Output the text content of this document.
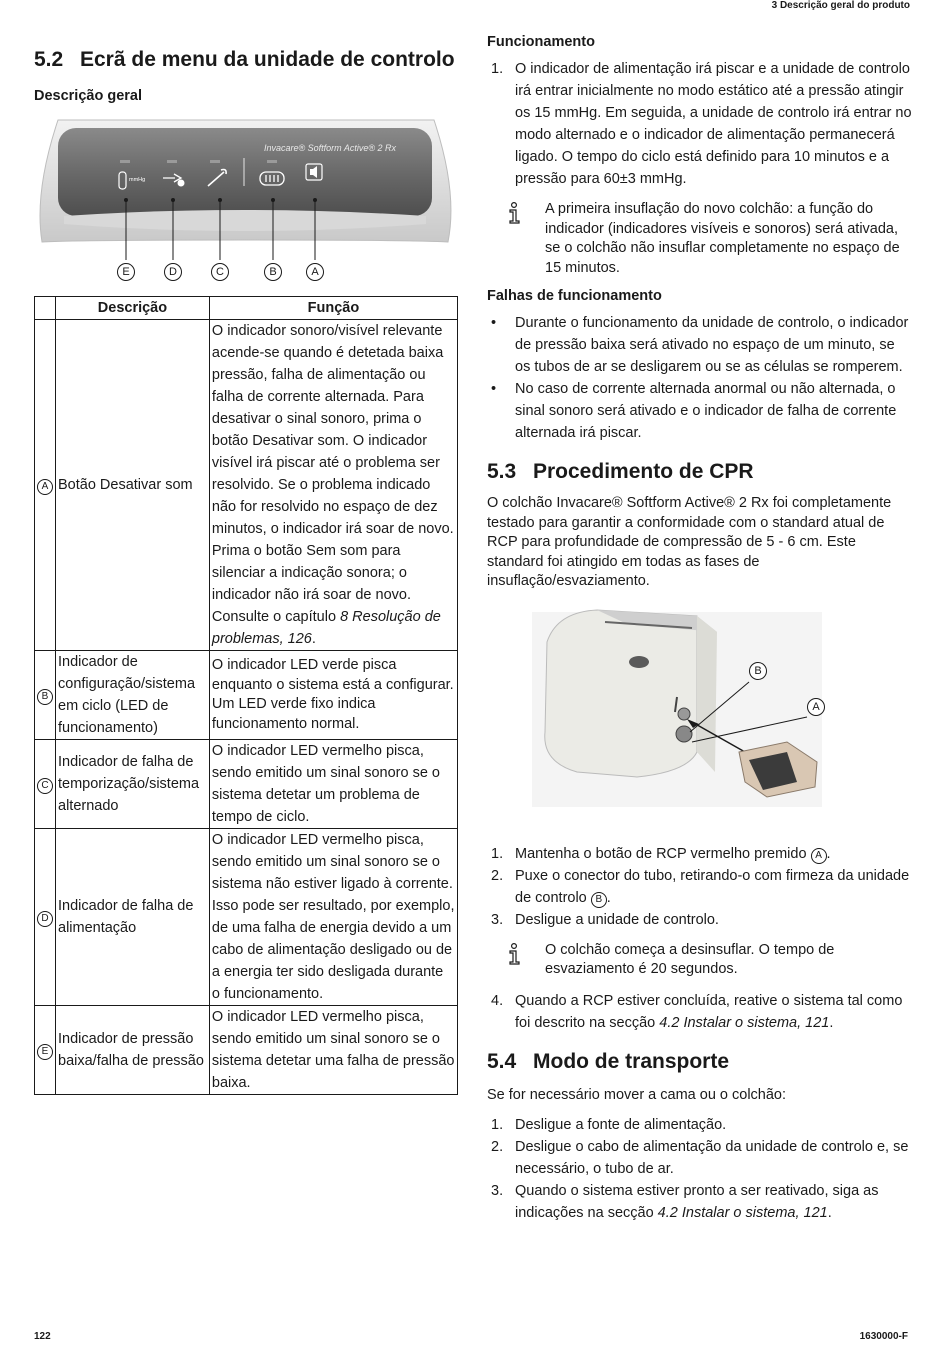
3 Descrição geral do produto
122	1630000-F
5.2 Ecrã de menu da unidade de controlo
Descrição geral
mmHg
Invacare® Softform Active® 2 Rx
E	D	C	B	A
	Descrição	Função
A	Botão Desativar som	O indicador sonoro/visível relevante acende-se quando é detetada baixa pressão, falha de alimentação ou falha de corrente alternada. Para desativar o sinal sonoro, prima o botão Desativar som. O indicador visível irá piscar até o problema ser resolvido. Se o problema indicado não for resolvido no espaço de dez minutos, o indicador irá soar de novo. Prima o botão Sem som para silenciar a indicação sonora; o indicador não irá soar de novo. Consulte o capítulo 8 Resolução de problemas, 126.
B	Indicador de configuração/sistema em ciclo (LED de funcionamento)	O indicador LED verde pisca enquanto o sistema está a configurar.
Um LED verde fixo indica funcionamento normal.

C	Indicador de falha de temporização/sistema alternado	O indicador LED vermelho pisca, sendo emitido um sinal sonoro se o sistema detetar um problema de tempo de ciclo.
D	Indicador de falha de alimentação	O indicador LED vermelho pisca, sendo emitido um sinal sonoro se o sistema não estiver ligado à corrente. Isso pode ser resultado, por exemplo, de uma falha de energia devido a um cabo de alimentação desligado ou de a energia ter sido desligada durante o funcionamento.
E	Indicador de pressão baixa/falha de pressão	O indicador LED vermelho pisca, sendo emitido um sinal sonoro se o sistema detetar uma falha de pressão baixa.
Funcionamento
1. O indicador de alimentação irá piscar e a unidade de controlo irá entrar inicialmente no modo estático até a pressão atingir os 15 mmHg. Em seguida, a unidade de controlo irá entrar no modo alternado e o indicador de alimentação permanecerá ligado. O tempo do ciclo está definido para 10 minutos e a pressão para 60±3 mmHg.
A primeira insuflação do novo colchão: a função do indicador (indicadores visíveis e sonoros) será ativada, se o colchão não insuflar completamente no espaço de 15 minutos.
Falhas de funcionamento
• Durante o funcionamento da unidade de controlo, o indicador de pressão baixa será ativado no espaço de um minuto, se os tubos de ar se desligarem ou se as células se romperem.
• No caso de corrente alternada anormal ou não alternada, o sinal sonoro será ativado e o indicador de falha de corrente alternada irá piscar.
5.3 Procedimento de CPR

O colchão Invacare® Softform Active® 2 Rx foi completamente testado para garantir a conformidade com o standard atual de RCP para profundidade de compressão de 5 - 6 cm. Este standard foi atingido em todas as fases de insuflação/esvaziamento.

B
A
1. Mantenha o botão de RCP vermelho premido A .
2. Puxe o conector do tubo, retirando-o com firmeza da unidade de controlo B .
3. Desligue a unidade de controlo.
O colchão começa a desinsuflar. O tempo de esvaziamento é 20 segundos.
4. Quando a RCP estiver concluída, reative o sistema tal como foi descrito na secção 4.2 Instalar o sistema, 121.
5.4 Modo de transporte

Se for necessário mover a cama ou o colchão:

1. Desligue a fonte de alimentação.
2. Desligue o cabo de alimentação da unidade de controlo e, se necessário, o tubo de ar.
3. Quando o sistema estiver pronto a ser reativado, siga as indicações na secção 4.2 Instalar o sistema, 121.
